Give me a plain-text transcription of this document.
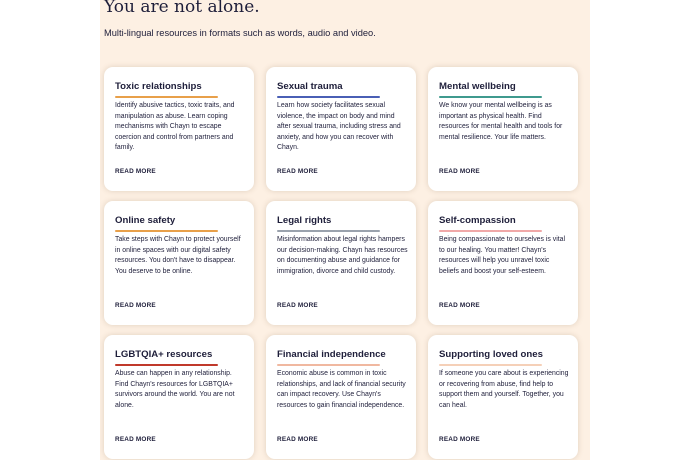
You are not alone.

Multi-lingual resources in formats such as words, audio and video.

Toxic relationships

Identify abusive tactics, toxic traits, and manipulation as abuse. Learn coping mechanisms with Chayn to escape coercion and control from partners and family.

READ MORE
Sexual trauma

Learn how society facilitates sexual violence, the impact on body and mind after sexual trauma, including stress and anxiety, and how you can recover with Chayn.

READ MORE
Mental wellbeing

We know your mental wellbeing is as important as physical health. Find resources for mental health and tools for mental resilience. Your life matters.

READ MORE
Online safety

Take steps with Chayn to protect yourself in online spaces with our digital safety resources. You don't have to disappear. You deserve to be online.

READ MORE
Legal rights

Misinformation about legal rights hampers our decision-making. Chayn has resources on documenting abuse and guidance for immigration, divorce and child custody.

READ MORE
Self-compassion

Being compassionate to ourselves is vital to our healing. You matter! Chayn's resources will help you unravel toxic beliefs and boost your self-esteem.

READ MORE
LGBTQIA+ resources

Abuse can happen in any relationship. Find Chayn's resources for LGBTQIA+ survivors around the world. You are not alone.

READ MORE
Financial independence

Economic abuse is common in toxic relationships, and lack of financial security can impact recovery. Use Chayn's resources to gain financial independence.

READ MORE
Supporting loved ones

If someone you care about is experiencing or recovering from abuse, find help to support them and yourself. Together, you can heal.

READ MORE
